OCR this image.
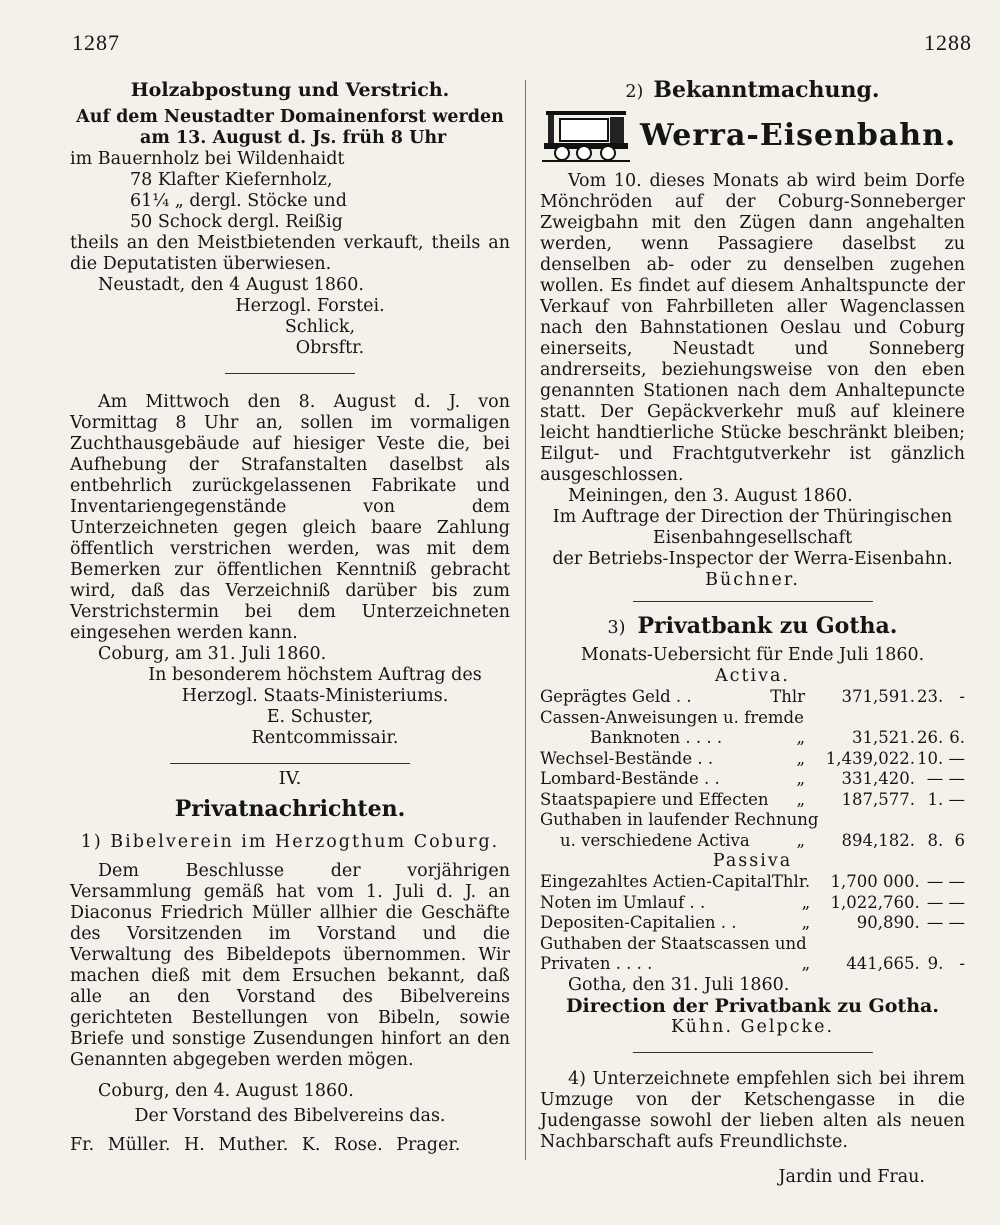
1287	1288

Holzabpostung und Verstrich.

Auf dem Neustadter Domainenforst werden

am 13. August d. Js. früh 8 Uhr

im Bauernholz bei Wildenhaidt

78 Klafter Kiefernholz,

61¼ „ dergl. Stöcke und

50 Schock dergl. Reißig

theils an den Meistbietenden verkauft, theils an die Deputatisten überwiesen.

Neustadt, den 4 August 1860.

Herzogl. Forstei.

Schlick,

Obrsftr.

Am Mittwoch den 8. August d. J. von Vormittag 8 Uhr an, sollen im vormaligen Zuchthausgebäude auf hiesiger Veste die, bei Aufhebung der Strafanstalten daselbst als entbehrlich zurückgelassenen Fabrikate und Inventariengegenstände von dem Unterzeichneten gegen gleich baare Zahlung öffentlich verstrichen werden, was mit dem Bemerken zur öffentlichen Kenntniß gebracht wird, daß das Verzeichniß darüber bis zum Verstrichstermin bei dem Unterzeichneten eingesehen werden kann.

Coburg, am 31. Juli 1860.

In besonderem höchstem Auftrag des

Herzogl. Staats-Ministeriums.

E. Schuster,

Rentcommissair.

IV.

Privatnachrichten.

1) Bibelverein im Herzogthum Coburg.

Dem Beschlusse der vorjährigen Versammlung gemäß hat vom 1. Juli d. J. an Diaconus Friedrich Müller allhier die Geschäfte des Vorsitzenden im Vorstand und die Verwaltung des Bibeldepots übernommen. Wir machen dieß mit dem Ersuchen bekannt, daß alle an den Vorstand des Bibelvereins gerichteten Bestellungen von Bibeln, sowie Briefe und sonstige Zusendungen hinfort an den Genannten abgegeben werden mögen.

Coburg, den 4. August 1860.

Der Vorstand des Bibelvereins das.

Fr. Müller. H. Muther. K. Rose. Prager.

2) Bekanntmachung.
Werra-Eisenbahn.

Vom 10. dieses Monats ab wird beim Dorfe Mönchröden auf der Coburg-Sonneberger Zweigbahn mit den Zügen dann angehalten werden, wenn Passagiere daselbst zu denselben ab- oder zu denselben zugehen wollen. Es findet auf diesem Anhaltspuncte der Verkauf von Fahrbilleten aller Wagenclassen nach den Bahnstationen Oeslau und Coburg einerseits, Neustadt und Sonneberg andrerseits, beziehungsweise von den eben genannten Stationen nach dem Anhaltepuncte statt. Der Gepäckverkehr muß auf kleinere leicht handtierliche Stücke beschränkt bleiben; Eilgut- und Frachtgutverkehr ist gänzlich ausgeschlossen.

Meiningen, den 3. August 1860.

Im Auftrage der Direction der Thüringischen

Eisenbahngesellschaft

der Betriebs-Inspector der Werra-Eisenbahn.

Büchner.

3) Privatbank zu Gotha.

Monats-Uebersicht für Ende Juli 1860.

Activa.

Geprägtes Geld . .	Thlr	371,591.	23.	-
Cassen-Anweisungen u. fremde				
Banknoten . . . .	„	31,521.	26.	6.
Wechsel-Bestände . .	„	1,439,022.	10.	—
Lombard-Bestände . .	„	331,420.	—	—
Staatspapiere und Effecten	„	187,577.	1.	—
Guthaben in laufender Rechnung				
u. verschiedene Activa	„	894,182.	8.	6

Passiva

Eingezahltes Actien-Capital	Thlr.	1,700 000.	—	—
Noten im Umlauf . .	„	1,022,760.	—	—
Depositen-Capitalien . .	„	90,890.	—	—
Guthaben der Staatscassen und				
Privaten . . . .	„	441,665.	9.	-

Gotha, den 31. Juli 1860.

Direction der Privatbank zu Gotha.

Kühn. Gelpcke.

4) Unterzeichnete empfehlen sich bei ihrem Umzuge von der Ketschengasse in die Judengasse sowohl der lieben alten als neuen Nachbarschaft aufs Freundlichste.

Jardin und Frau.
